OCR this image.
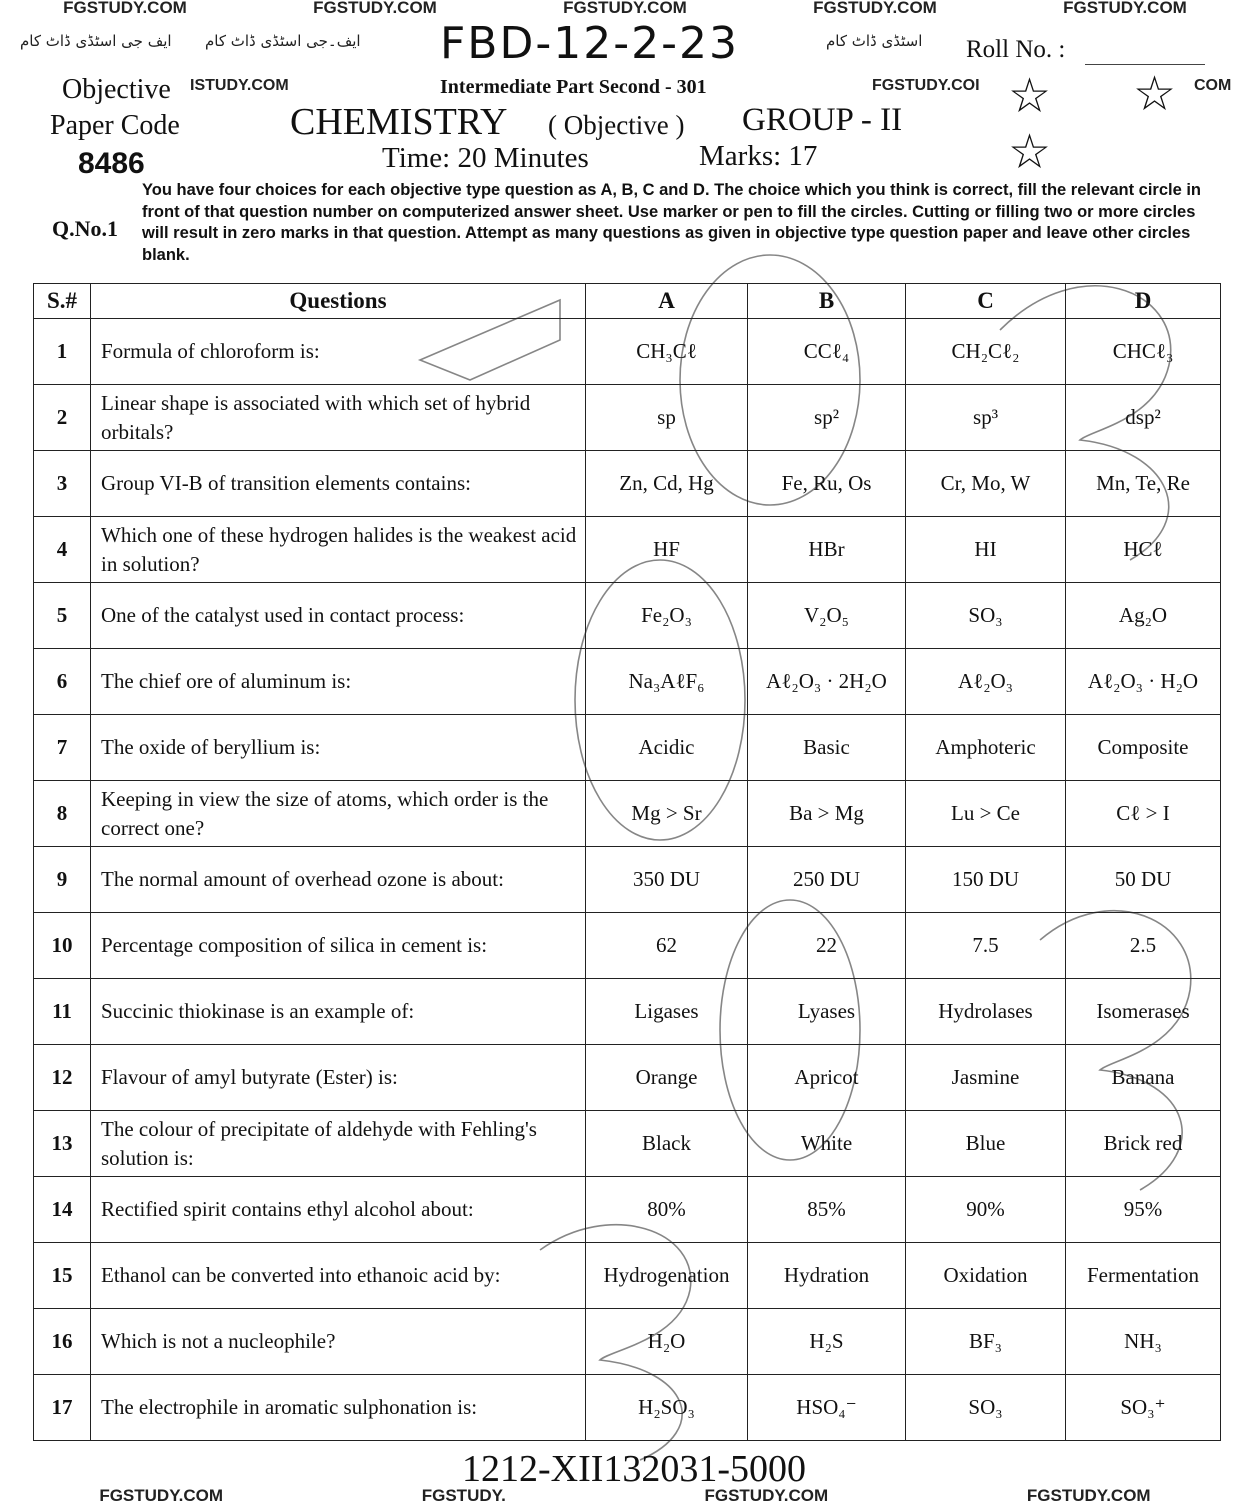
FGSTUDY.COM	FGSTUDY.COM	FGSTUDY.COM	FGSTUDY.COM	FGSTUDY.COM
ایف جی اسٹڈی ڈاٹ کام ایف۔جی اسٹڈی ڈاٹ کام	اسٹڈی ڈاٹ کام
FBD-12-2-23	Roll No. :
Objective
Paper Code
8486
ISTUDY.COM	Intermediate Part Second - 301	FGSTUDY.COI	COM
CHEMISTRY ( Objective ) GROUP - II
Time: 20 Minutes	Marks: 17
☆ ☆
☆
Q.No.1
You have four choices for each objective type question as A, B, C and D. The choice which you think is correct, fill the relevant circle in front of that question number on computerized answer sheet. Use marker or pen to fill the circles. Cutting or filling two or more circles will result in zero marks in that question. Attempt as many questions as given in objective type question paper and leave other circles blank.
S.#	Questions	A	B	C	D
1	Formula of chloroform is:	CH₃Cℓ	CCℓ₄	CH₂Cℓ₂	CHCℓ₃
2	Linear shape is associated with which set of hybrid orbitals?	sp	sp²	sp³	dsp²
3	Group VI-B of transition elements contains:	Zn, Cd, Hg	Fe, Ru, Os	Cr, Mo, W	Mn, Te, Re
4	Which one of these hydrogen halides is the weakest acid in solution?	HF	HBr	HI	HCℓ
5	One of the catalyst used in contact process:	Fe₂O₃	V₂O₅	SO₃	Ag₂O
6	The chief ore of aluminum is:	Na₃AℓF₆	Aℓ₂O₃ · 2H₂O	Aℓ₂O₃	Aℓ₂O₃ · H₂O
7	The oxide of beryllium is:	Acidic	Basic	Amphoteric	Composite
8	Keeping in view the size of atoms, which order is the correct one?	Mg > Sr	Ba > Mg	Lu > Ce	Cℓ > I
9	The normal amount of overhead ozone is about:	350 DU	250 DU	150 DU	50 DU
10	Percentage composition of silica in cement is:	62	22	7.5	2.5
11	Succinic thiokinase is an example of:	Ligases	Lyases	Hydrolases	Isomerases
12	Flavour of amyl butyrate (Ester) is:	Orange	Apricot	Jasmine	Banana
13	The colour of precipitate of aldehyde with Fehling's solution is:	Black	White	Blue	Brick red
14	Rectified spirit contains ethyl alcohol about:	80%	85%	90%	95%
15	Ethanol can be converted into ethanoic acid by:	Hydrogenation	Hydration	Oxidation	Fermentation
16	Which is not a nucleophile?	H₂O	H₂S	BF₃	NH₃
17	The electrophile in aromatic sulphonation is:	H₂SO₃	HSO₄⁻	SO₃	SO₃⁺
1212-XII132031-5000
FGSTUDY.COM	FGSTUDY.	FGSTUDY.COM	FGSTUDY.COM
